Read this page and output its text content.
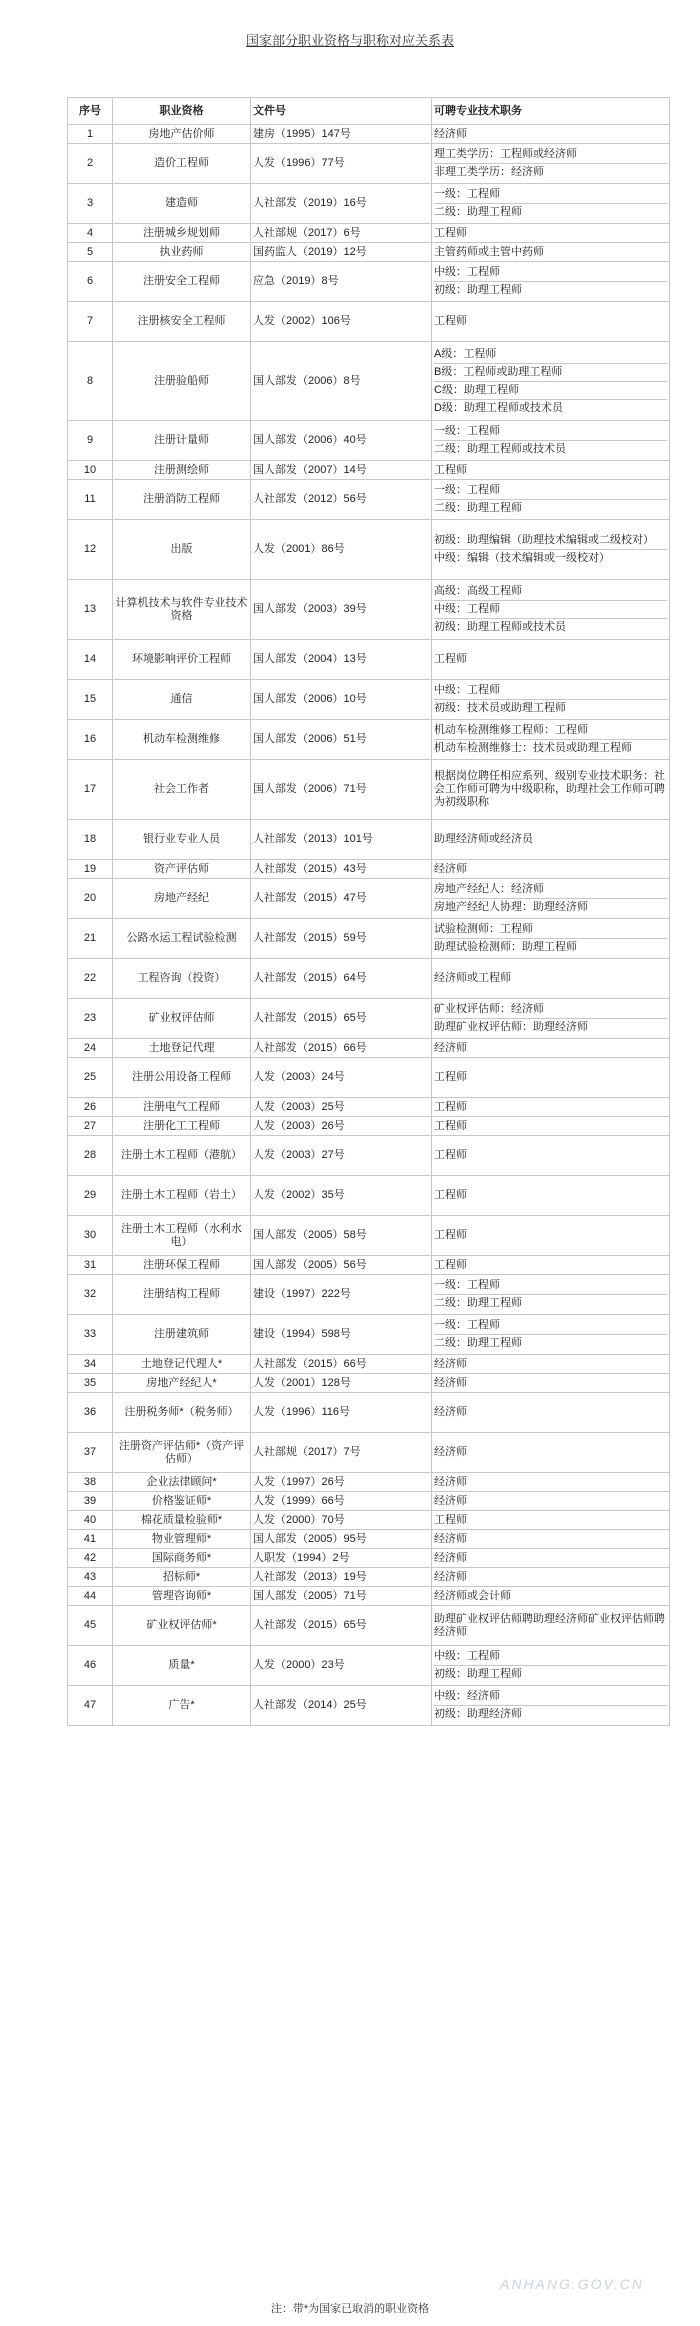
国家部分职业资格与职称对应关系表
序号	职业资格	文件号	可聘专业技术职务
1	房地产估价师	建房（1995）147号	经济师

2	造价工程师	人发（1996）77号	理工类学历：工程师或经济师
非理工类学历：经济师

3	建造师	人社部发（2019）16号	一级：工程师
二级：助理工程师

4	注册城乡规划师	人社部规（2017）6号	工程师

5	执业药师	国药监人（2019）12号	主管药师或主管中药师

6	注册安全工程师	应急（2019）8号	中级：工程师
初级：助理工程师

7	注册核安全工程师	人发（2002）106号	工程师

8	注册验船师	国人部发（2006）8号	A级：工程师
B级：工程师或助理工程师
C级：助理工程师
D级：助理工程师或技术员

9	注册计量师	国人部发（2006）40号	一级：工程师
二级：助理工程师或技术员

10	注册测绘师	国人部发（2007）14号	工程师

11	注册消防工程师	人社部发（2012）56号	一级：工程师
二级：助理工程师

12	出版	人发（2001）86号	初级：助理编辑（助理技术编辑或二级校对）
中级：编辑（技术编辑或一级校对）

13	计算机技术与软件专业技术资格	国人部发（2003）39号	高级：高级工程师
中级：工程师
初级：助理工程师或技术员

14	环境影响评价工程师	国人部发（2004）13号	工程师

15	通信	国人部发（2006）10号	中级：工程师
初级：技术员或助理工程师

16	机动车检测维修	国人部发（2006）51号	机动车检测维修工程师：工程师
机动车检测维修士：技术员或助理工程师

17	社会工作者	国人部发（2006）71号	根据岗位聘任相应系列、级别专业技术职务：社会工作师可聘为中级职称，助理社会工作师可聘为初级职称

18	银行业专业人员	人社部发（2013）101号	助理经济师或经济员

19	资产评估师	人社部发（2015）43号	经济师

20	房地产经纪	人社部发（2015）47号	房地产经纪人：经济师
房地产经纪人协理：助理经济师

21	公路水运工程试验检测	人社部发（2015）59号	试验检测师：工程师
助理试验检测师：助理工程师

22	工程咨询（投资）	人社部发（2015）64号	经济师或工程师

23	矿业权评估师	人社部发（2015）65号	矿业权评估师：经济师
助理矿业权评估师：助理经济师

24	土地登记代理	人社部发（2015）66号	经济师

25	注册公用设备工程师	人发（2003）24号	工程师

26	注册电气工程师	人发（2003）25号	工程师

27	注册化工工程师	人发（2003）26号	工程师

28	注册土木工程师（港航）	人发（2003）27号	工程师

29	注册土木工程师（岩土）	人发（2002）35号	工程师

30	注册土木工程师（水利水电）	国人部发（2005）58号	工程师

31	注册环保工程师	国人部发（2005）56号	工程师

32	注册结构工程师	建设（1997）222号	一级：工程师
二级：助理工程师

33	注册建筑师	建设（1994）598号	一级：工程师
二级：助理工程师

34	土地登记代理人*	人社部发（2015）66号	经济师

35	房地产经纪人*	人发（2001）128号	经济师

36	注册税务师*（税务师）	人发（1996）116号	经济师

37	注册资产评估师*（资产评估师）	人社部规（2017）7号	经济师

38	企业法律顾问*	人发（1997）26号	经济师

39	价格鉴证师*	人发（1999）66号	经济师

40	棉花质量检验师*	人发（2000）70号	工程师

41	物业管理师*	国人部发（2005）95号	经济师

42	国际商务师*	人职发（1994）2号	经济师

43	招标师*	人社部发（2013）19号	经济师

44	管理咨询师*	国人部发（2005）71号	经济师或会计师

45	矿业权评估师*	人社部发（2015）65号	助理矿业权评估师聘助理经济师矿业权评估师聘经济师

46	质量*	人发（2000）23号	中级：工程师
初级：助理工程师

47	广告*	人社部发（2014）25号	中级：经济师
初级：助理经济师
ANHANG.GOV.CN
注：带*为国家已取消的职业资格
